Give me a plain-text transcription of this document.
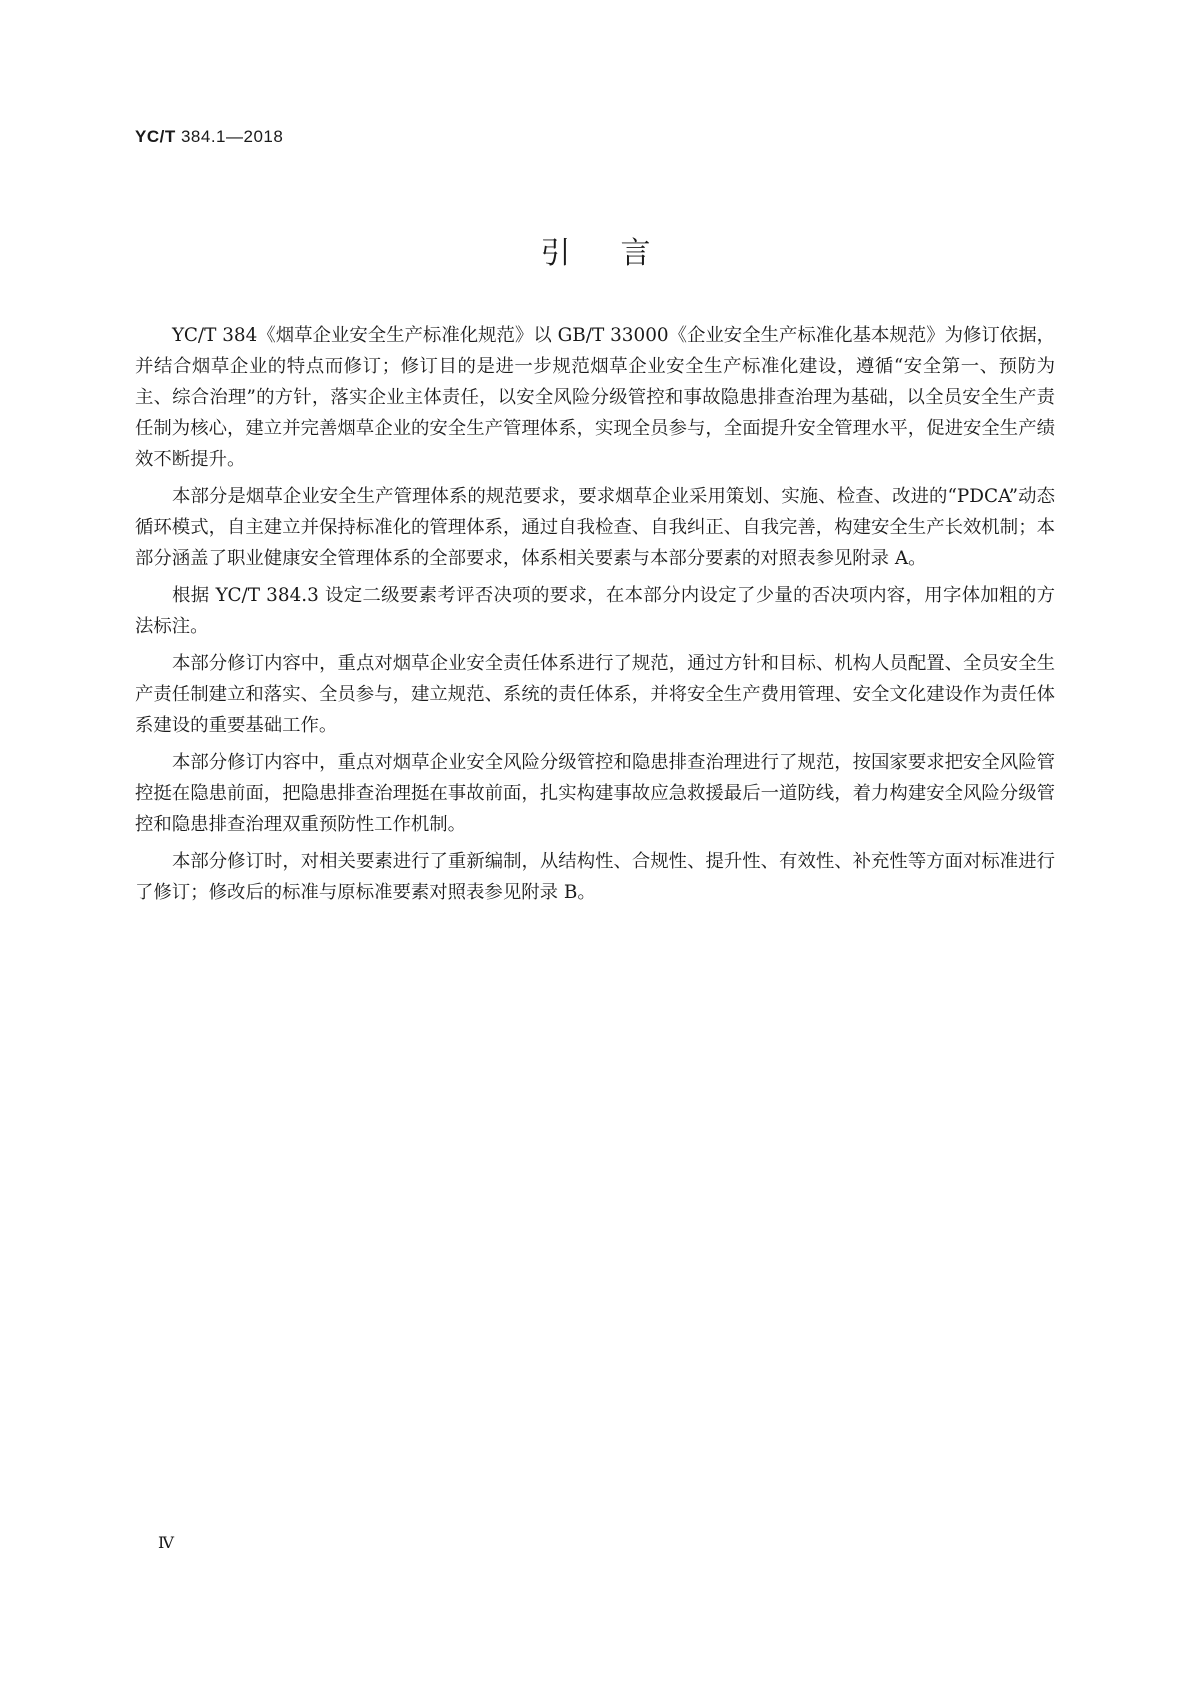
YC/T 384.1—2018
引言

YC/T 384《烟草企业安全生产标准化规范》以 GB/T 33000《企业安全生产标准化基本规范》为修订依据，并结合烟草企业的特点而修订；修订目的是进一步规范烟草企业安全生产标准化建设，遵循“安全第一、预防为主、综合治理”的方针，落实企业主体责任，以安全风险分级管控和事故隐患排查治理为基础，以全员安全生产责任制为核心，建立并完善烟草企业的安全生产管理体系，实现全员参与，全面提升安全管理水平，促进安全生产绩效不断提升。

本部分是烟草企业安全生产管理体系的规范要求，要求烟草企业采用策划、实施、检查、改进的“PDCA”动态循环模式，自主建立并保持标准化的管理体系，通过自我检查、自我纠正、自我完善，构建安全生产长效机制；本部分涵盖了职业健康安全管理体系的全部要求，体系相关要素与本部分要素的对照表参见附录 A。

根据 YC/T 384.3 设定二级要素考评否决项的要求，在本部分内设定了少量的否决项内容，用字体加粗的方法标注。

本部分修订内容中，重点对烟草企业安全责任体系进行了规范，通过方针和目标、机构人员配置、全员安全生产责任制建立和落实、全员参与，建立规范、系统的责任体系，并将安全生产费用管理、安全文化建设作为责任体系建设的重要基础工作。

本部分修订内容中，重点对烟草企业安全风险分级管控和隐患排查治理进行了规范，按国家要求把安全风险管控挺在隐患前面，把隐患排查治理挺在事故前面，扎实构建事故应急救援最后一道防线，着力构建安全风险分级管控和隐患排查治理双重预防性工作机制。

本部分修订时，对相关要素进行了重新编制，从结构性、合规性、提升性、有效性、补充性等方面对标准进行了修订；修改后的标准与原标准要素对照表参见附录 B。

Ⅳ
